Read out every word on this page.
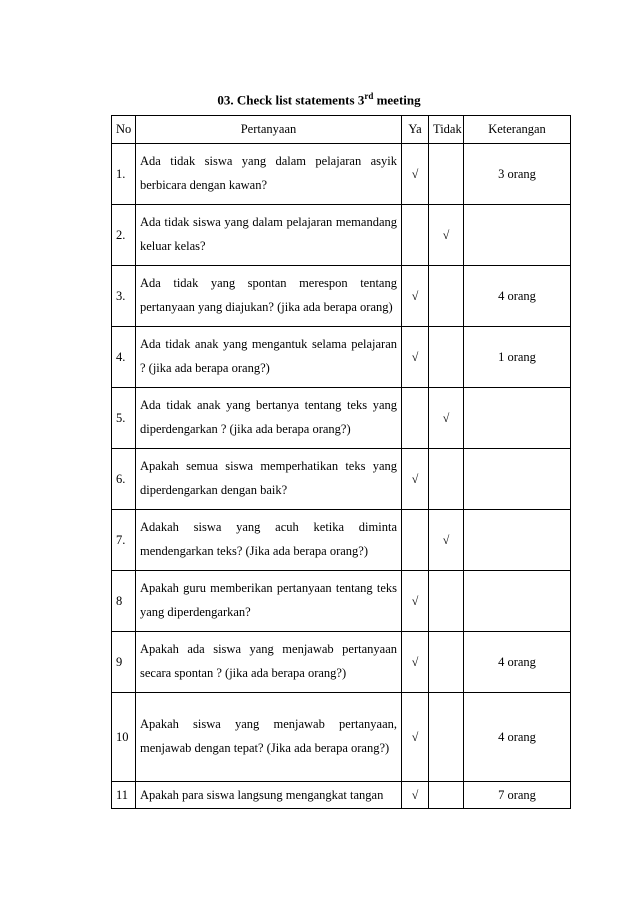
03. Check list statements 3rd meeting
No	Pertanyaan	Ya	Tidak	Keterangan
1.	Ada tidak siswa yang dalam pelajaran asyik berbicara dengan kawan?	√		3 orang
2.	Ada tidak siswa yang dalam pelajaran memandang keluar kelas?		√	
3.	Ada tidak yang spontan merespon tentang pertanyaan yang diajukan? (jika ada berapa orang)	√		4 orang
4.	Ada tidak anak yang mengantuk selama pelajaran ? (jika ada berapa orang?)	√		1 orang
5.	Ada tidak anak yang bertanya tentang teks yang diperdengarkan ? (jika ada berapa orang?)		√	
6.	Apakah semua siswa memperhatikan teks yang diperdengarkan dengan baik?	√		
7.	Adakah siswa yang acuh ketika diminta mendengarkan teks? (Jika ada berapa orang?)		√	
8	Apakah guru memberikan pertanyaan tentang teks yang diperdengarkan?	√		
9	Apakah ada siswa yang menjawab pertanyaan secara spontan ? (jika ada berapa orang?)	√		4 orang
10	Apakah siswa yang menjawab pertanyaan, menjawab dengan tepat? (Jika ada berapa orang?)	√		4 orang
11	Apakah para siswa langsung mengangkat tangan	√		7 orang
